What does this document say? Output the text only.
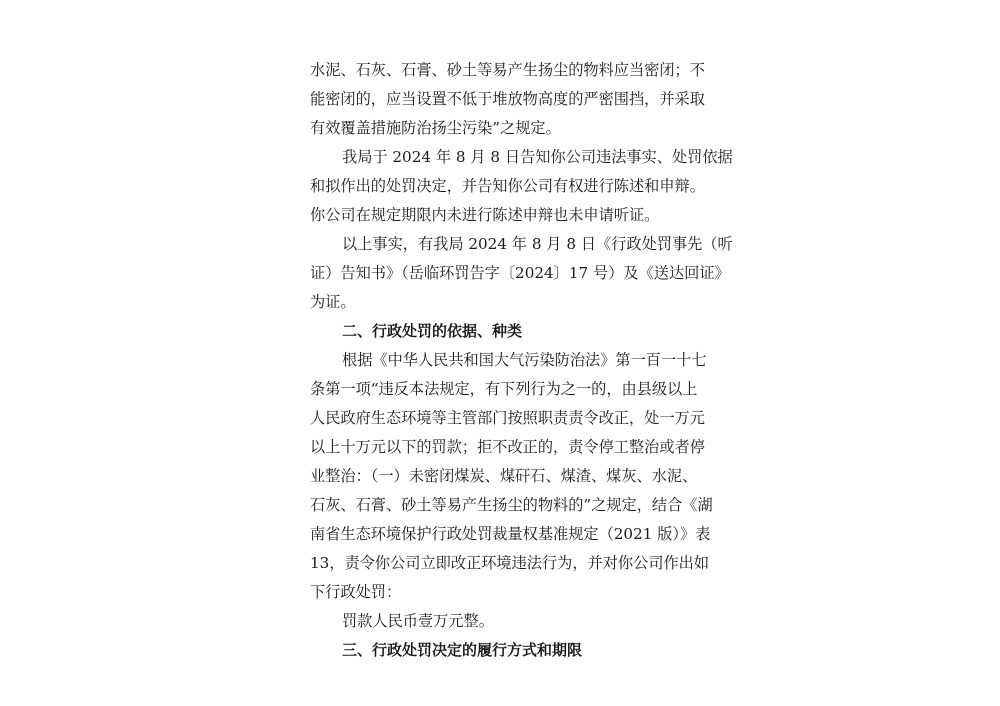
水泥、石灰、石膏、砂土等易产生扬尘的物料应当密闭；不
能密闭的，应当设置不低于堆放物高度的严密围挡，并采取
有效覆盖措施防治扬尘污染”之规定。
我局于 2024 年 8 月 8 日告知你公司违法事实、处罚依据
和拟作出的处罚决定，并告知你公司有权进行陈述和申辩。
你公司在规定期限内未进行陈述申辩也未申请听证。
以上事实，有我局 2024 年 8 月 8 日《行政处罚事先（听
证）告知书》（岳临环罚告字〔2024〕17 号）及《送达回证》
为证。
二、行政处罚的依据、种类
根据《中华人民共和国大气污染防治法》第一百一十七
条第一项“违反本法规定，有下列行为之一的，由县级以上
人民政府生态环境等主管部门按照职责责令改正，处一万元
以上十万元以下的罚款；拒不改正的，责令停工整治或者停
业整治：（一）未密闭煤炭、煤矸石、煤渣、煤灰、水泥、
石灰、石膏、砂土等易产生扬尘的物料的”之规定，结合《湖
南省生态环境保护行政处罚裁量权基准规定（2021 版）》表
13，责令你公司立即改正环境违法行为，并对你公司作出如
下行政处罚：
罚款人民币壹万元整。
三、行政处罚决定的履行方式和期限
